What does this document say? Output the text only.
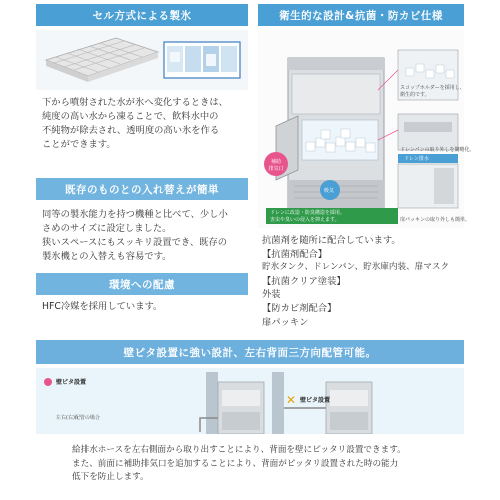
セル方式による製氷
下から噴射された水が氷へ変化するときは、
純度の高い水から凍ることで、飲料水中の
不純物が除去され、透明度の高い氷を作る
ことができます。
既存のものとの入れ替えが簡単
同等の製氷能力を持つ機種と比べて、少し小
さめのサイズに設定しました。
狭いスペースにもスッキリ設置でき、既存の
製氷機との入替えも容易です。
環境への配慮
HFC冷媒を採用しています。
衛生的な設計&抗菌・防カビ仕様
スコップホルダーを採用し、
衛生的です。
ドレンパンの取り外しを簡略化。
扉パッキンの取り外しも簡単。
ドレン排水
ドレンに改造・防臭構造を採用。
害虫や臭いの侵入を抑えます。
補助
排気口
吸気
抗菌剤を随所に配合しています。
【抗菌剤配合】
貯氷タンク、ドレンパン、貯氷庫内装、扉マスク
【抗菌クリア塗装】
外装
【防カビ剤配合】
扉パッキン
壁ピタ設置に強い設計、左右背面三方向配管可能。
✕
壁ピタ設置
左右(右)配管の場合
壁ピタ設置
給排水ホースを左右側面から取り出すことにより、背面を壁にピッタリ設置できます。
また、前面に補助排気口を追加することにより、背面がピッタリ設置された時の能力
低下を防止します。
